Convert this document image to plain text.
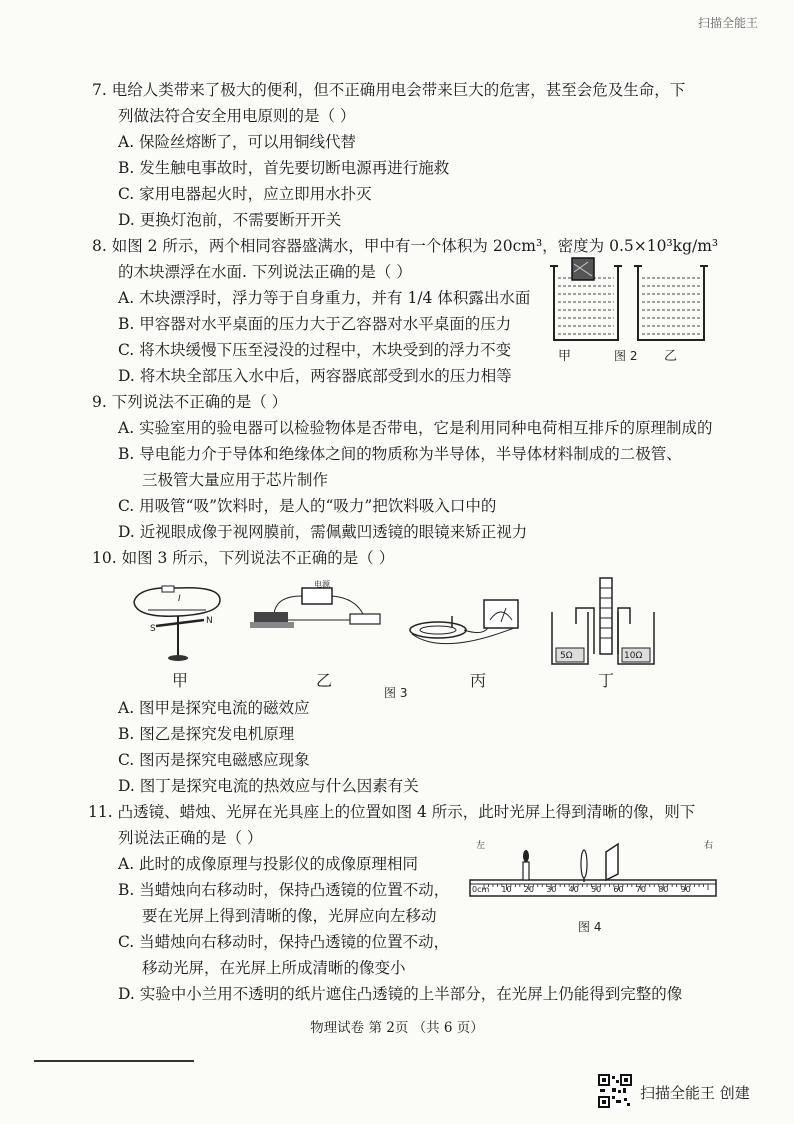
扫描全能王
7. 电给人类带来了极大的便利，但不正确用电会带来巨大的危害，甚至会危及生命，下
列做法符合安全用电原则的是（ ）
A. 保险丝熔断了，可以用铜线代替
B. 发生触电事故时，首先要切断电源再进行施救
C. 家用电器起火时，应立即用水扑灭
D. 更换灯泡前，不需要断开开关
8. 如图 2 所示，两个相同容器盛满水，甲中有一个体积为 20cm³，密度为 0.5×10³kg/m³
的木块漂浮在水面. 下列说法正确的是（ ）
A. 木块漂浮时，浮力等于自身重力，并有 1/4 体积露出水面
B. 甲容器对水平桌面的压力大于乙容器对水平桌面的压力
C. 将木块缓慢下压至浸没的过程中，木块受到的浮力不变
D. 将木块全部压入水中后，两容器底部受到水的压力相等
甲	图 2 乙
9. 下列说法不正确的是（ ）
A. 实验室用的验电器可以检验物体是否带电，它是利用同种电荷相互排斥的原理制成的
B. 导电能力介于导体和绝缘体之间的物质称为半导体，半导体材料制成的二极管、
三极管大量应用于芯片制作
C. 用吸管“吸”饮料时，是人的“吸力”把饮料吸入口中的
D. 近视眼成像于视网膜前，需佩戴凹透镜的眼镜来矫正视力
10. 如图 3 所示，下列说法不正确的是（ ）
S
N
I
电源
5Ω	10Ω
甲	乙
图 3
丙	丁
A. 图甲是探究电流的磁效应
B. 图乙是探究发电机原理
C. 图丙是探究电磁感应现象
D. 图丁是探究电流的热效应与什么因素有关
11. 凸透镜、蜡烛、光屏在光具座上的位置如图 4 所示，此时光屏上得到清晰的像，则下
列说法正确的是（ ）
A. 此时的成像原理与投影仪的成像原理相同
B. 当蜡烛向右移动时，保持凸透镜的位置不动，
要在光屏上得到清晰的像，光屏应向左移动
C. 当蜡烛向右移动时，保持凸透镜的位置不动，
移动光屏，在光屏上所成清晰的像变小
D. 实验中小兰用不透明的纸片遮住凸透镜的上半部分，在光屏上仍能得到完整的像
左	右
0cm 10 20 30 40 50 60 70 80 90
图 4
物理试卷 第 2页 （共 6 页）
扫描全能王 创建
